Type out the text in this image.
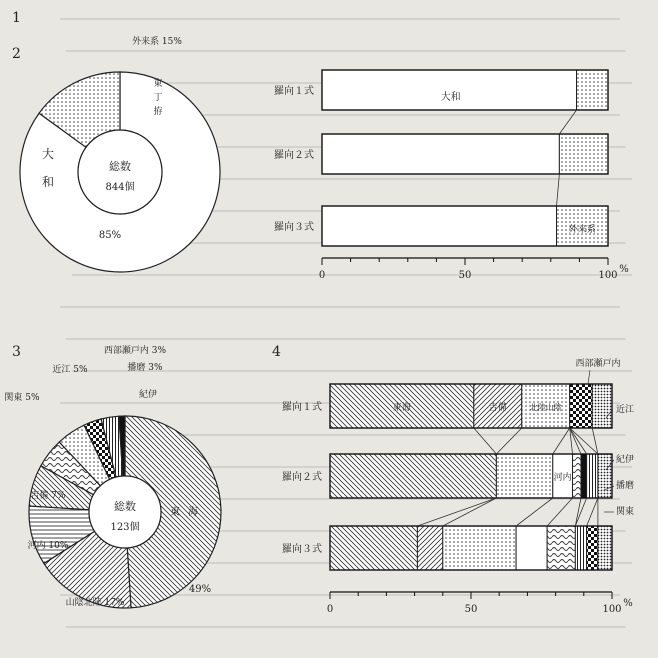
1
2
3	4
総数
844個
85%
外来系 15%
大
和
東
丁
拵
総数
123個
49%
山陰北陸 17%
河内 10%
吉備 7%
関東 5%
近江 5%
西部瀬戸内 3%
播磨 3%
紀伊
東 海
羅向１式
羅向２式
羅向３式
0	50	100
%
大和
外来系
羅向１式
羅向２式
羅向３式
0	50	100
%
東海	吉備	北陸山陰
河内
西部瀬戸内
近江
紀伊
播磨
関東
